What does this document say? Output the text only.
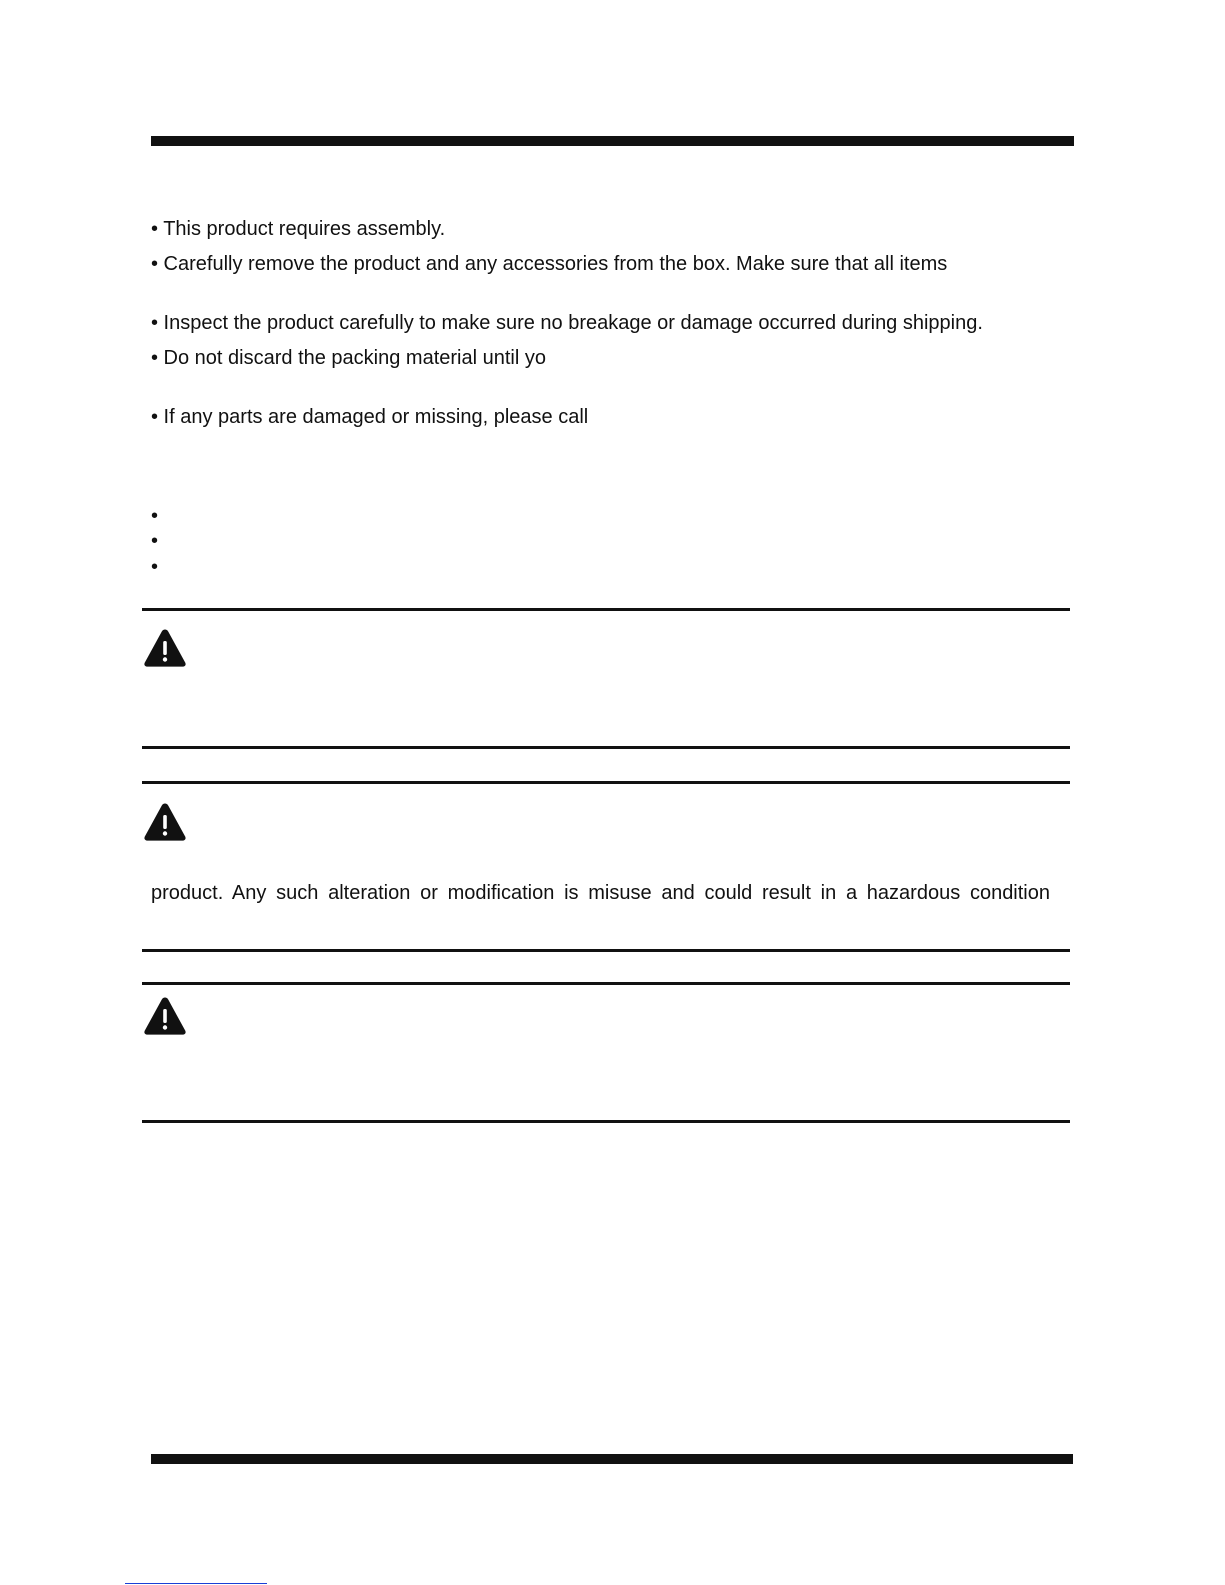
• This product requires assembly.
• Carefully remove the product and any accessories from the box. Make sure that all items
• Inspect the product carefully to make sure no breakage or damage occurred during shipping.
• Do not discard the packing material until yo
• If any parts are damaged or missing, please call
•
•
•
product. Any such alteration or modification is misuse and could result in a hazardous condition
